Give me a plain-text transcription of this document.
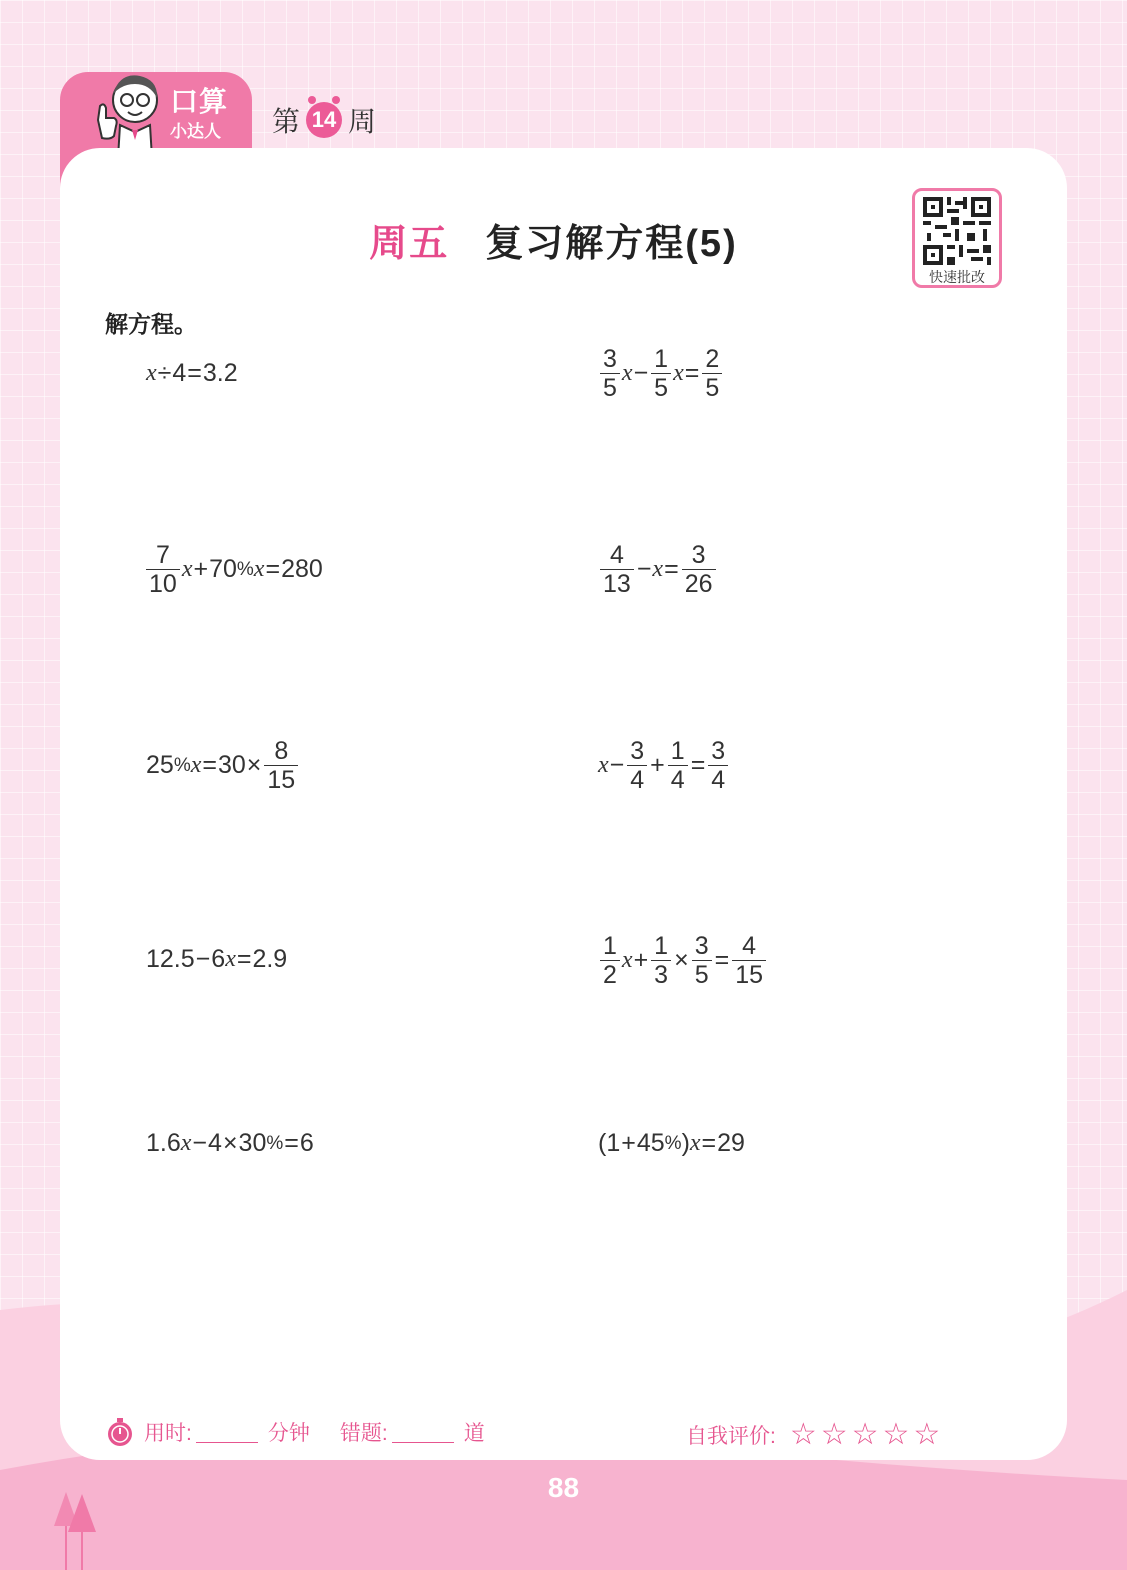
口算
小达人 第 14 周
周五 复习解方程(5)
快速批改
解方程。
x ÷ 4 = 3.2	$\frac{3}{5}$ $x - \frac{1}{5}$ $x = \frac{2}{5}$
$\frac{7}{10}$ x + 70 % x = 280	$\frac{4}{13} - x = \frac{3}{26}$
25 % $x = 30 \times \frac{8}{15}$	$x - \frac{3}{4} + \frac{1}{4} = \frac{3}{4}$
12.5 − 6 x = 2.9	$\frac{1}{2}$ $x + \frac{1}{3} \times \frac{3}{5} = \frac{4}{15}$
1.6 x − 4 × 30 % = 6	( 1 + 45 % ) x = 29
用时:	分钟 错题:	道	自我评价: ☆☆☆☆☆
88
